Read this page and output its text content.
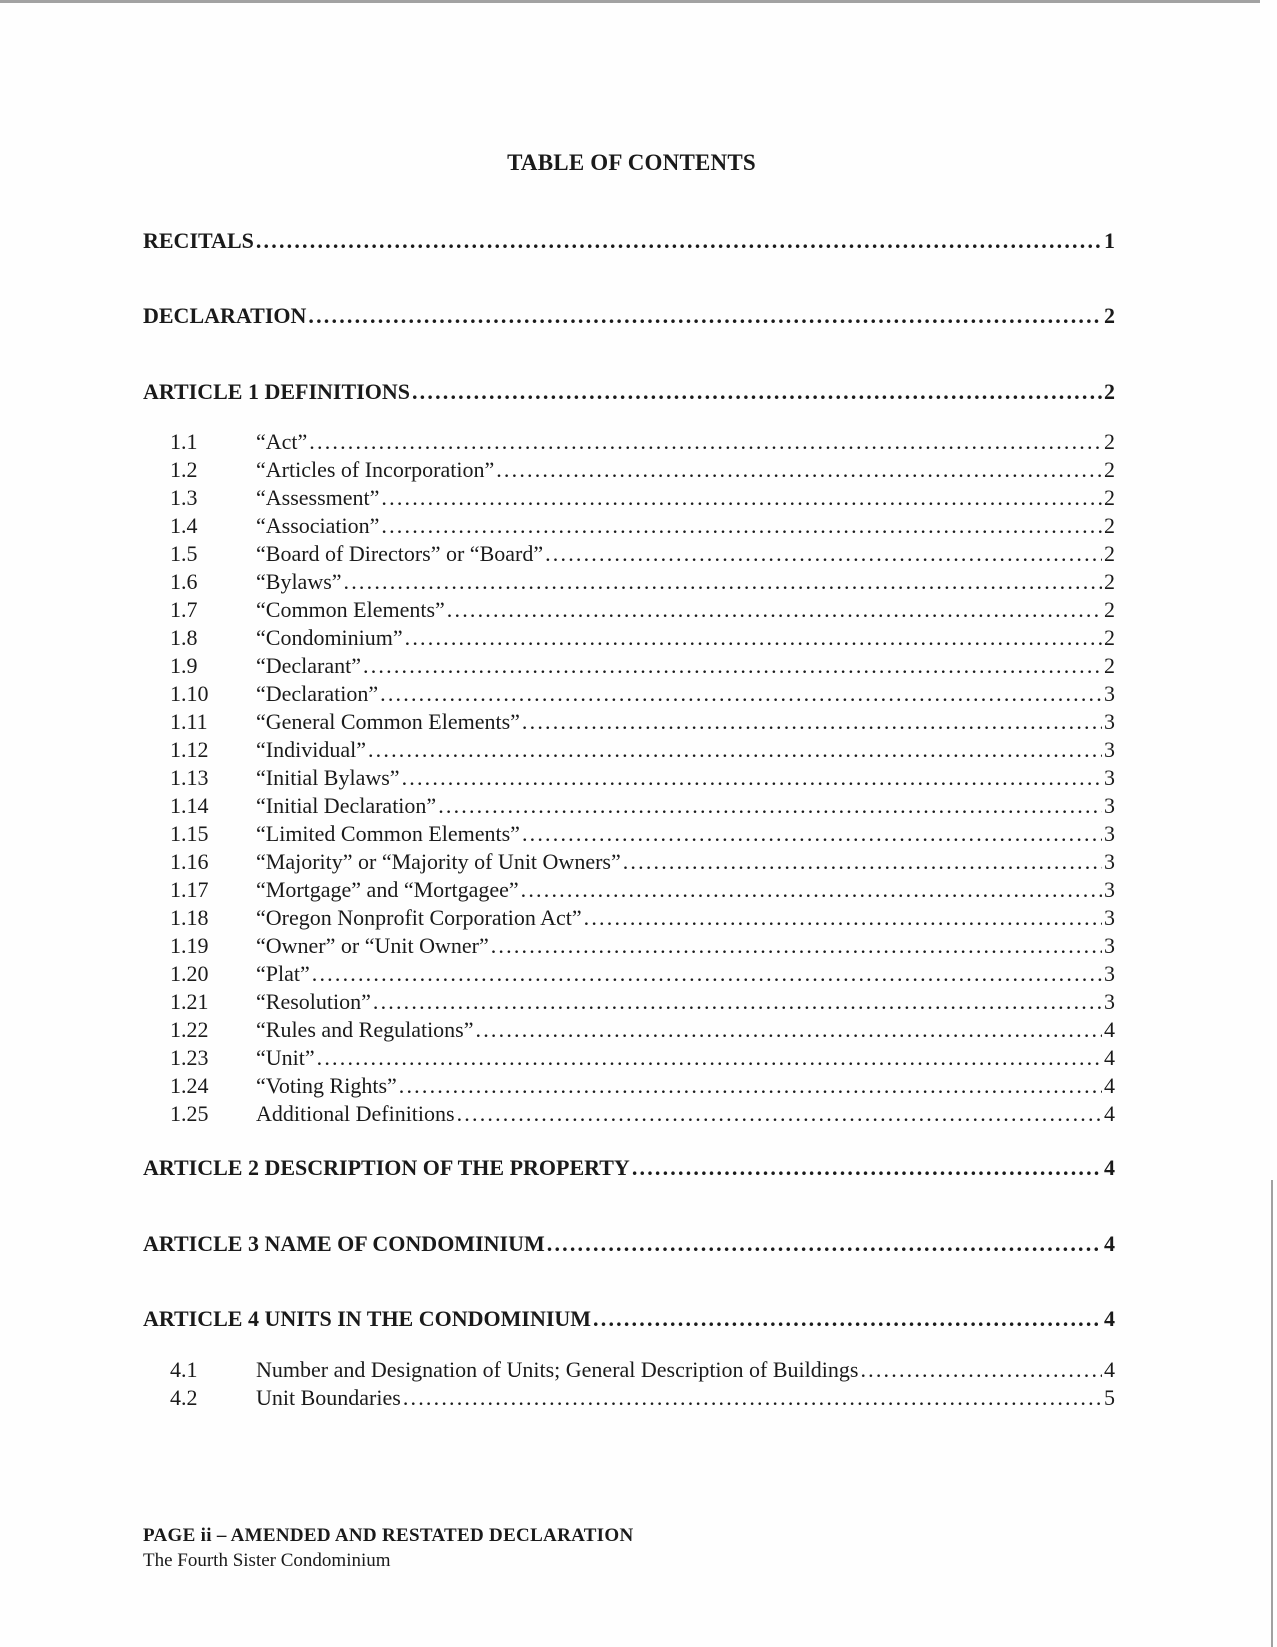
TABLE OF CONTENTS
RECITALS .....	1
DECLARATION .....	2
ARTICLE 1 DEFINITIONS .....	2
1.1	“Act” .....	2
1.2	“Articles of Incorporation” .....	2
1.3	“Assessment” .....	2
1.4	“Association” .....	2
1.5	“Board of Directors” or “Board” .....	2
1.6	“Bylaws” .....	2
1.7	“Common Elements” .....	2
1.8	“Condominium” .....	2
1.9	“Declarant” .....	2
1.10	“Declaration” .....	3
1.11	“General Common Elements” .....	3
1.12	“Individual” .....	3
1.13	“Initial Bylaws” .....	3
1.14	“Initial Declaration” .....	3
1.15	“Limited Common Elements” .....	3
1.16	“Majority” or “Majority of Unit Owners” .....	3
1.17	“Mortgage” and “Mortgagee” .....	3
1.18	“Oregon Nonprofit Corporation Act” .....	3
1.19	“Owner” or “Unit Owner” .....	3
1.20	“Plat” .....	3
1.21	“Resolution” .....	3
1.22	“Rules and Regulations” .....	4
1.23	“Unit” .....	4
1.24	“Voting Rights” .....	4
1.25	Additional Definitions .....	4
ARTICLE 2 DESCRIPTION OF THE PROPERTY .....	4
ARTICLE 3 NAME OF CONDOMINIUM .....	4
ARTICLE 4 UNITS IN THE CONDOMINIUM .....	4
4.1	Number and Designation of Units; General Description of Buildings .....	4
4.2	Unit Boundaries .....	5
PAGE ii – AMENDED AND RESTATED DECLARATION
The Fourth Sister Condominium
